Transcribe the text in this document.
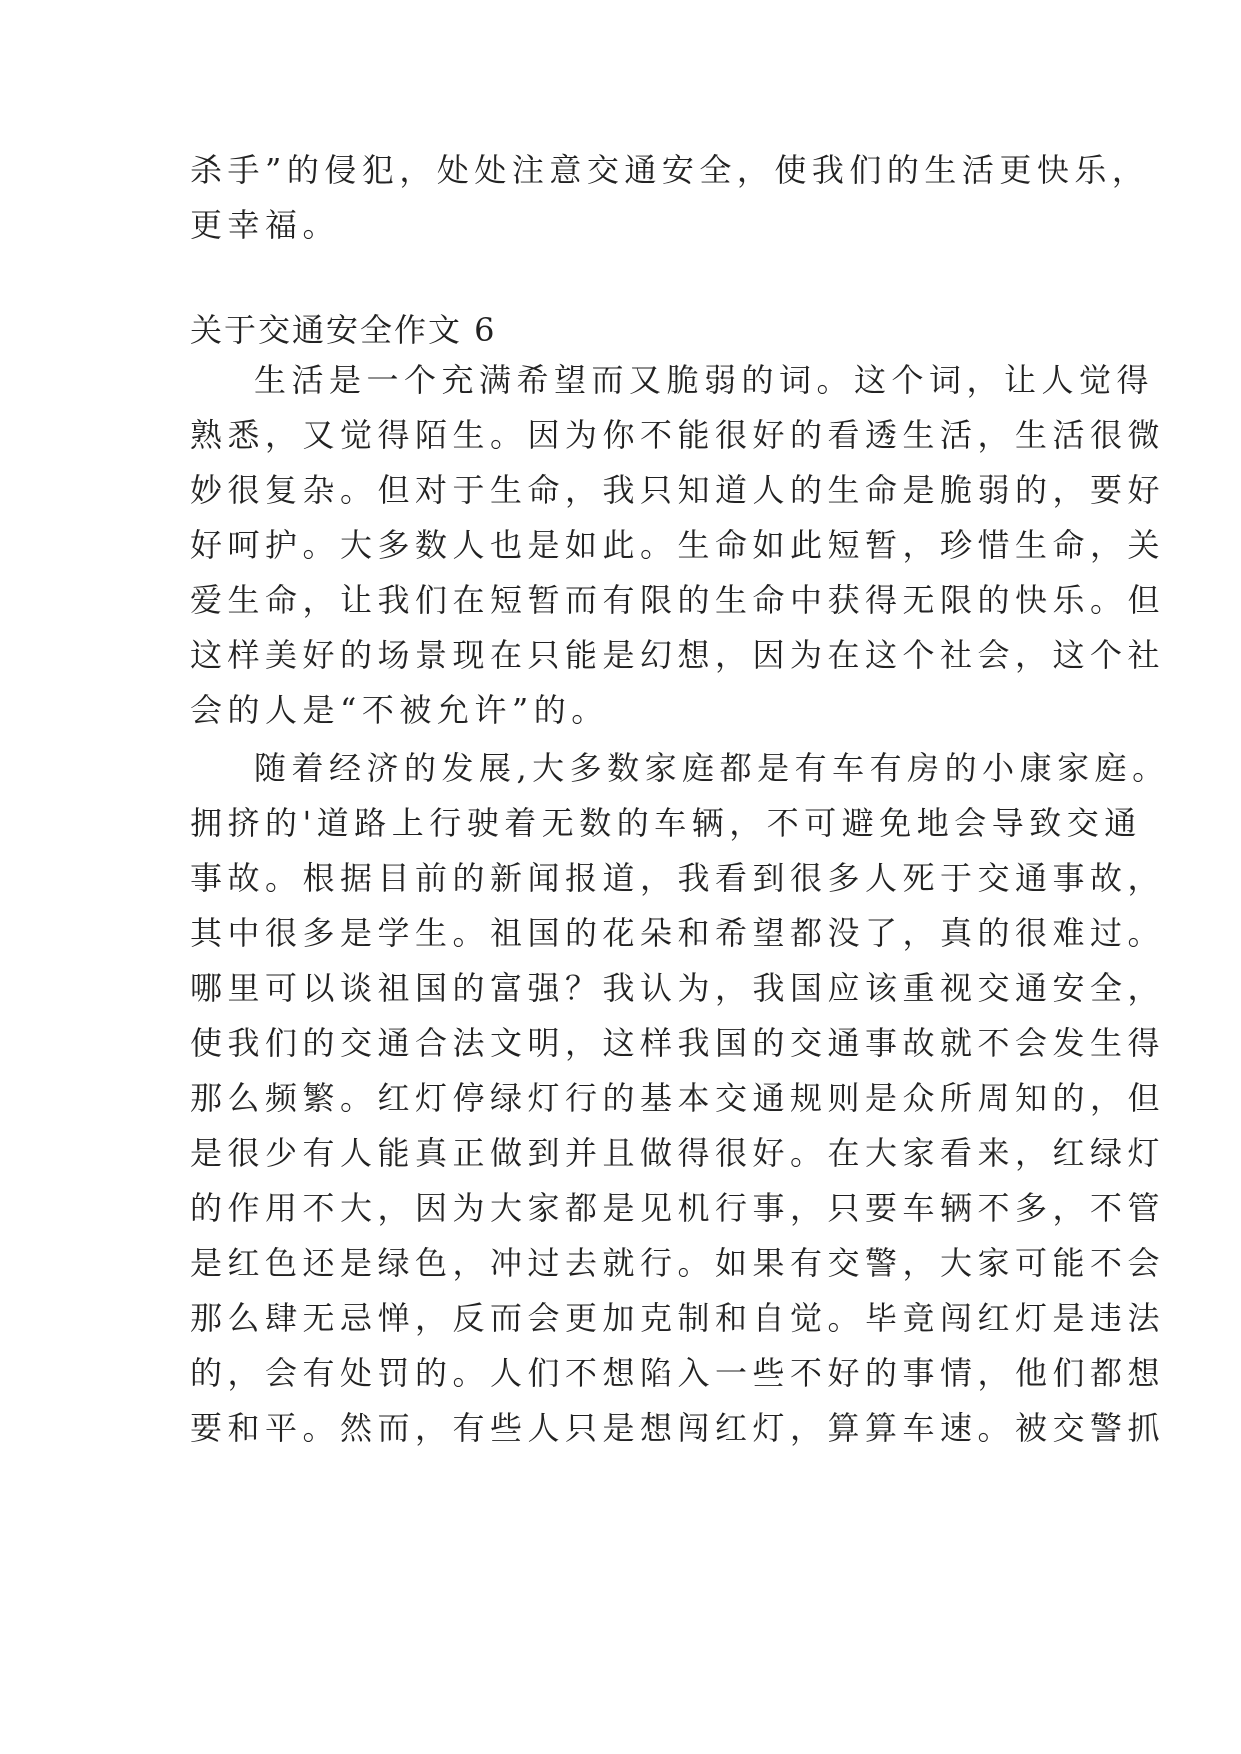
杀手”的侵犯，处处注意交通安全，使我们的生活更快乐，
更幸福。
关于交通安全作文 6
生活是一个充满希望而又脆弱的词。这个词，让人觉得
熟悉，又觉得陌生。因为你不能很好的看透生活，生活很微
妙很复杂。但对于生命，我只知道人的生命是脆弱的，要好
好呵护。大多数人也是如此。生命如此短暂，珍惜生命，关
爱生命，让我们在短暂而有限的生命中获得无限的快乐。但
这样美好的场景现在只能是幻想，因为在这个社会，这个社
会的人是“不被允许”的。
随着经济的发展,大多数家庭都是有车有房的小康家庭。
拥挤的'道路上行驶着无数的车辆，不可避免地会导致交通
事故。根据目前的新闻报道，我看到很多人死于交通事故，
其中很多是学生。祖国的花朵和希望都没了，真的很难过。
哪里可以谈祖国的富强？我认为，我国应该重视交通安全，
使我们的交通合法文明，这样我国的交通事故就不会发生得
那么频繁。红灯停绿灯行的基本交通规则是众所周知的，但
是很少有人能真正做到并且做得很好。在大家看来，红绿灯
的作用不大，因为大家都是见机行事，只要车辆不多，不管
是红色还是绿色，冲过去就行。如果有交警，大家可能不会
那么肆无忌惮，反而会更加克制和自觉。毕竟闯红灯是违法
的，会有处罚的。人们不想陷入一些不好的事情，他们都想
要和平。然而，有些人只是想闯红灯，算算车速。被交警抓
